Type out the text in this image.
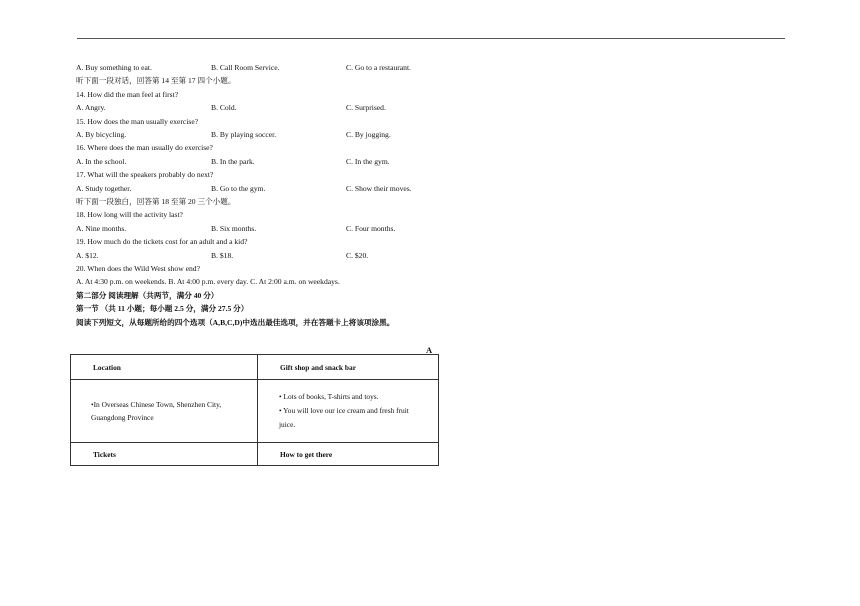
A. Buy something to eat.	B. Call Room Service.	C. Go to a restaurant.
听下面一段对话，回答第 14 至第 17 四个小题。
14. How did the man feel at first?
A. Angry.	B. Cold.	C. Surprised.
15. How does the man usually exercise?
A. By bicycling.	B. By playing soccer.	C. By jogging.
16. Where does the man usually do exercise?
A. In the school.	B. In the park.	C. In the gym.
17. What will the speakers probably do next?
A. Study together.	B. Go to the gym.	C. Show their moves.
听下面一段独白，回答第 18 至第 20 三个小题。
18. How long will the activity last?
A. Nine months.	B. Six months.	C. Four months.
19. How much do the tickets cost for an adult and a kid?
A. $12.	B. $18.	C. $20.
20. When does the Wild West show end?
A. At 4:30 p.m. on weekends. B. At 4:00 p.m. every day. C. At 2:00 a.m. on weekdays.
第二部分 阅读理解（共两节，满分 40 分）
第一节 （共 11 小题；每小题 2.5 分，满分 27.5 分）
阅读下列短文，从每题所给的四个选项（A,B,C,D)中选出最佳选项，并在答题卡上将该项涂黑。
A
Location	Gift shop and snack bar
•In Overseas Chinese Town, Shenzhen City, Guangdong Province	• Lots of books, T-shirts and toys.
• You will love our ice cream and fresh fruit juice.

Tickets	How to get there
